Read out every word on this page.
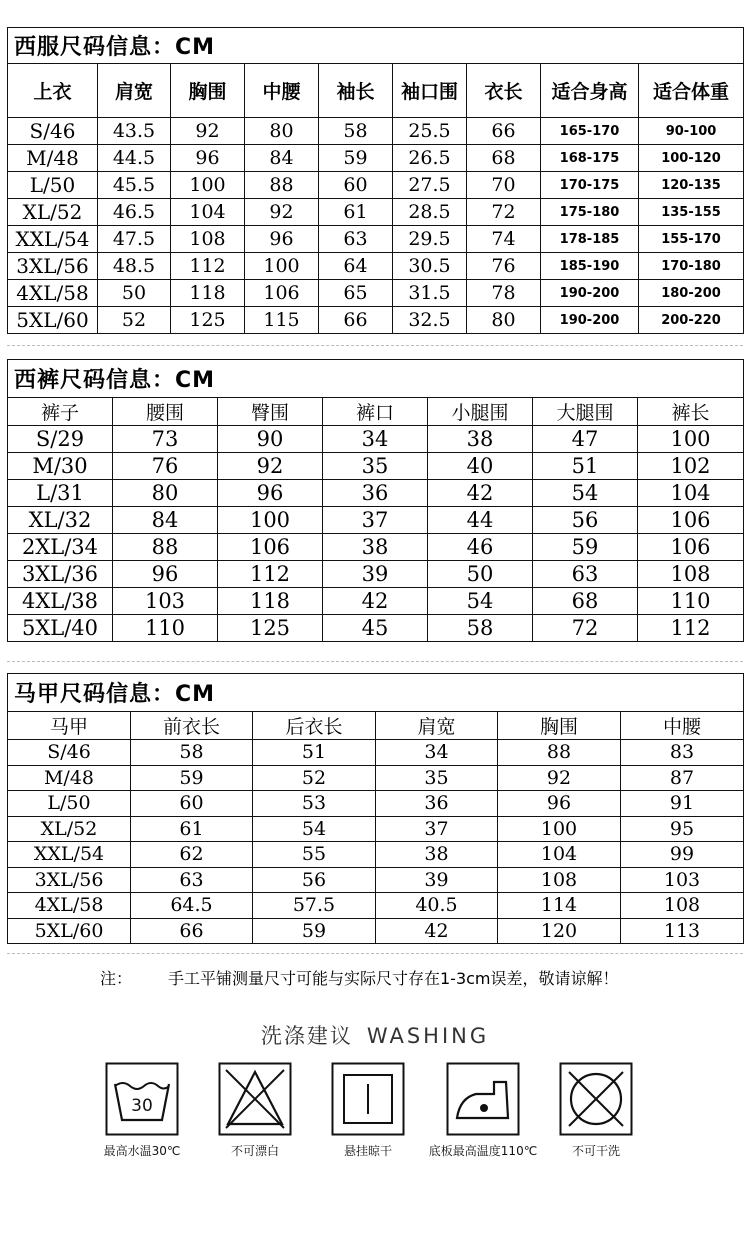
西服尺码信息：CM								
上衣	肩宽	胸围	中腰	袖长	袖口围	衣长	适合身高	适合体重
S/46	43.5	92	80	58	25.5	66	165-170	90-100
M/48	44.5	96	84	59	26.5	68	168-175	100-120
L/50	45.5	100	88	60	27.5	70	170-175	120-135
XL/52	46.5	104	92	61	28.5	72	175-180	135-155
XXL/54	47.5	108	96	63	29.5	74	178-185	155-170
3XL/56	48.5	112	100	64	30.5	76	185-190	170-180
4XL/58	50	118	106	65	31.5	78	190-200	180-200
5XL/60	52	125	115	66	32.5	80	190-200	200-220
西裤尺码信息：CM						
裤子	腰围	臀围	裤口	小腿围	大腿围	裤长
S/29	73	90	34	38	47	100
M/30	76	92	35	40	51	102
L/31	80	96	36	42	54	104
XL/32	84	100	37	44	56	106
2XL/34	88	106	38	46	59	106
3XL/36	96	112	39	50	63	108
4XL/38	103	118	42	54	68	110
5XL/40	110	125	45	58	72	112
马甲尺码信息：CM					
马甲	前衣长	后衣长	肩宽	胸围	中腰
S/46	58	51	34	88	83
M/48	59	52	35	92	87
L/50	60	53	36	96	91
XL/52	61	54	37	100	95
XXL/54	62	55	38	104	99
3XL/56	63	56	39	108	103
4XL/58	64.5	57.5	40.5	114	108
5XL/60	66	59	42	120	113
注： 手工平铺测量尺寸可能与实际尺寸存在1-3cm误差，敬请谅解！
洗涤建议 WASHING
30
最高水温30℃	不可漂白	悬挂晾干	底板最高温度110℃	不可干洗
